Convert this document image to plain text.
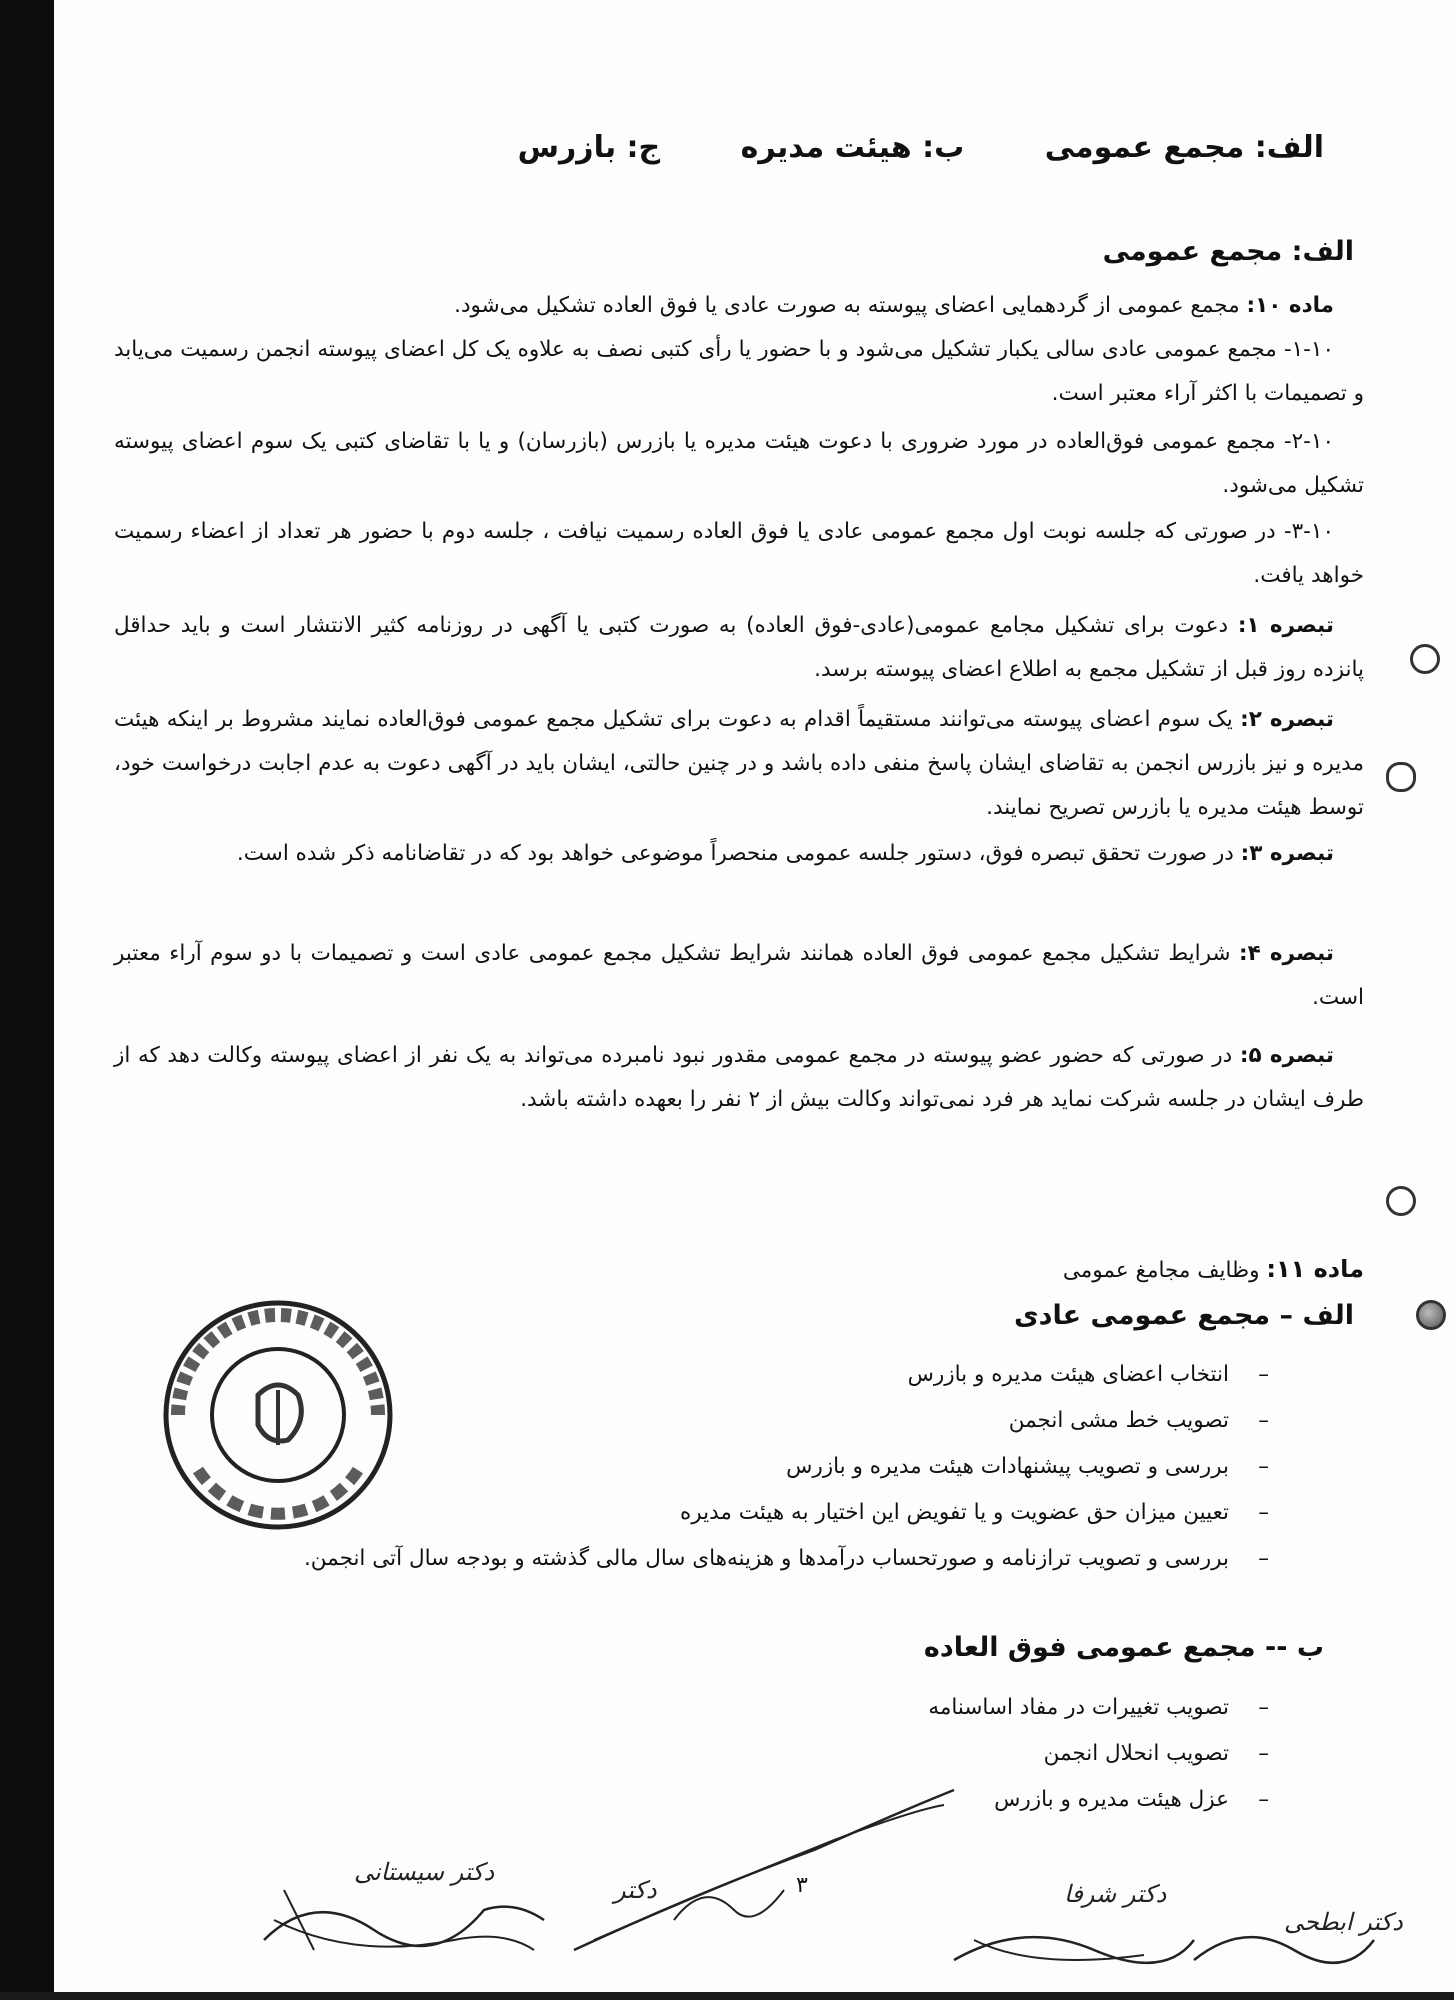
الف: مجمع عمومی ب: هیئت مدیره ج: بازرس
الف: مجمع عمومی
ماده ۱۰: مجمع عمومی از گردهمایی اعضای پیوسته به صورت عادی یا فوق العاده تشکیل می‌شود.
۱-۱۰- مجمع عمومی عادی سالی یکبار تشکیل می‌شود و با حضور یا رأی کتبی نصف به علاوه یک کل اعضای پیوسته انجمن رسمیت می‌یابد و تصمیمات با اکثر آراء معتبر است.
۲-۱۰- مجمع عمومی فوق‌العاده در مورد ضروری با دعوت هیئت مدیره یا بازرس (بازرسان) و یا با تقاضای کتبی یک سوم اعضای پیوسته تشکیل می‌شود.
۳-۱۰- در صورتی که جلسه نوبت اول مجمع عمومی عادی یا فوق العاده رسمیت نیافت ، جلسه دوم با حضور هر تعداد از اعضاء رسمیت خواهد یافت.
تبصره ۱: دعوت برای تشکیل مجامع عمومی(عادی-فوق العاده) به صورت کتبی یا آگهی در روزنامه کثیر الانتشار است و باید حداقل پانزده روز قبل از تشکیل مجمع به اطلاع اعضای پیوسته برسد.
تبصره ۲: یک سوم اعضای پیوسته می‌توانند مستقیماً اقدام به دعوت برای تشکیل مجمع عمومی فوق‌العاده نمایند مشروط بر اینکه هیئت مدیره و نیز بازرس انجمن به تقاضای ایشان پاسخ منفی داده باشد و در چنین حالتی، ایشان باید در آگهی دعوت به عدم اجابت درخواست خود، توسط هیئت مدیره یا بازرس تصریح نمایند.
تبصره ۳: در صورت تحقق تبصره فوق، دستور جلسه عمومی منحصراً موضوعی خواهد بود که در تقاضانامه ذکر شده است.
تبصره ۴: شرایط تشکیل مجمع عمومی فوق العاده همانند شرایط تشکیل مجمع عمومی عادی است و تصمیمات با دو سوم آراء معتبر است.
تبصره ۵: در صورتی که حضور عضو پیوسته در مجمع عمومی مقدور نبود نامبرده می‌تواند به یک نفر از اعضای پیوسته وکالت دهد که از طرف ایشان در جلسه شرکت نماید هر فرد نمی‌تواند وکالت بیش از ۲ نفر را بعهده داشته باشد.
ماده ۱۱: وظایف مجامغ عمومی
الف – مجمع عمومی عادی
– انتخاب اعضای هیئت مدیره و بازرس
– تصویب خط مشی انجمن
– بررسی و تصویب پیشنهادات هیئت مدیره و بازرس
– تعیین میزان حق عضویت و یا تفویض این اختیار به هیئت مدیره
– بررسی و تصویب ترازنامه و صورتحساب درآمدها و هزینه‌های سال مالی گذشته و بودجه سال آتی انجمن.
ب -- مجمع عمومی فوق العاده
– تصویب تغییرات در مفاد اساسنامه
– تصویب انحلال انجمن
– عزل هیئت مدیره و بازرس
۳
دکتر سیستانی
دکتر	دکتر شرفا
دکتر ابطحی
